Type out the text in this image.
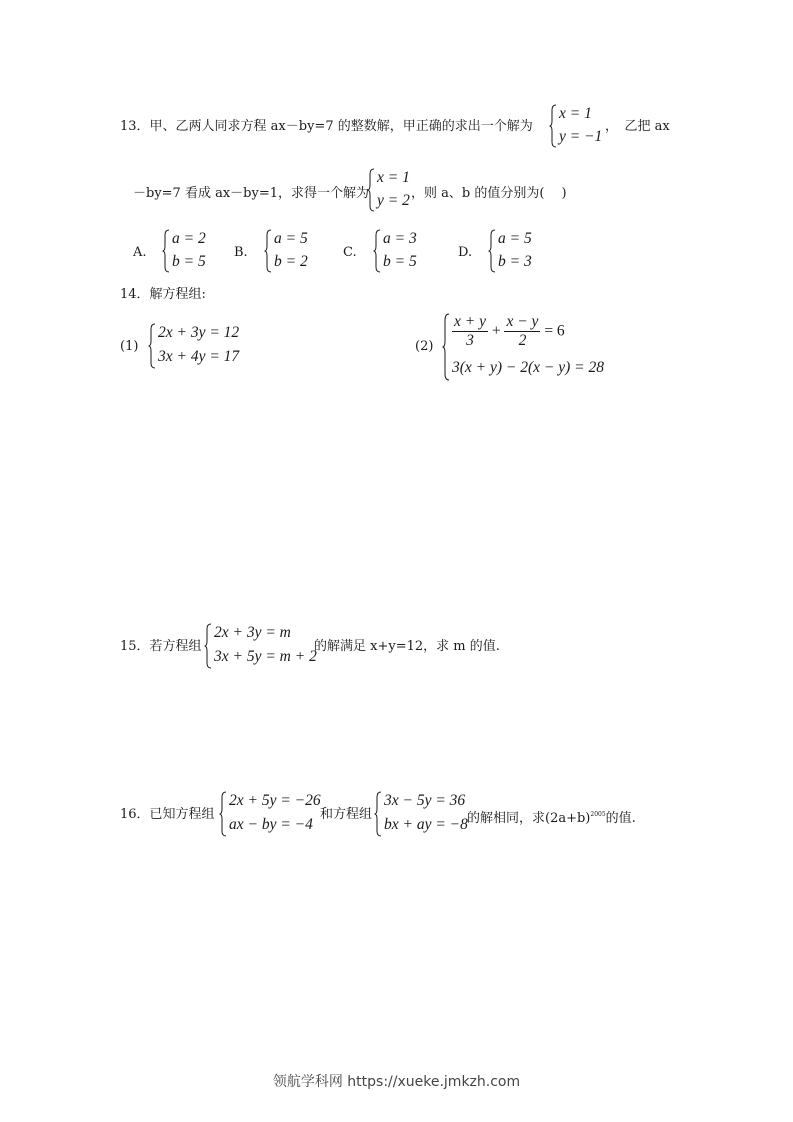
13．甲、乙两人同求方程 ax－by=7 的整数解，甲正确的求出一个解为
x = 1
y = −1
，　乙把 ax
－by=7 看成 ax－by=1，求得一个解为
x = 1
y = 2 ，则 a、b 的值分别为(　 )
A.
a = 2
b = 5
B.
a = 5
b = 2
C.
a = 3
b = 5
D.
a = 5
b = 3
14．解方程组:
(1)
2x + 3y = 12
3x + 4y = 17
$(2) \frac{x + y}{3} + \frac{x - y}{2} = 6$
3(x + y) − 2(x − y) = 28
15．若方程组
2x + 3y = m
3x + 5y = m + 2
的解满足 x+y=12，求 m 的值.
16．已知方程组
2x + 5y = −26
ax − by = −4
和方程组
3x − 5y = 36
bx + ay = −8 的解相同，求$(2a+b)^{2005}$的值.
领航学科网 https://xueke.jmkzh.com
